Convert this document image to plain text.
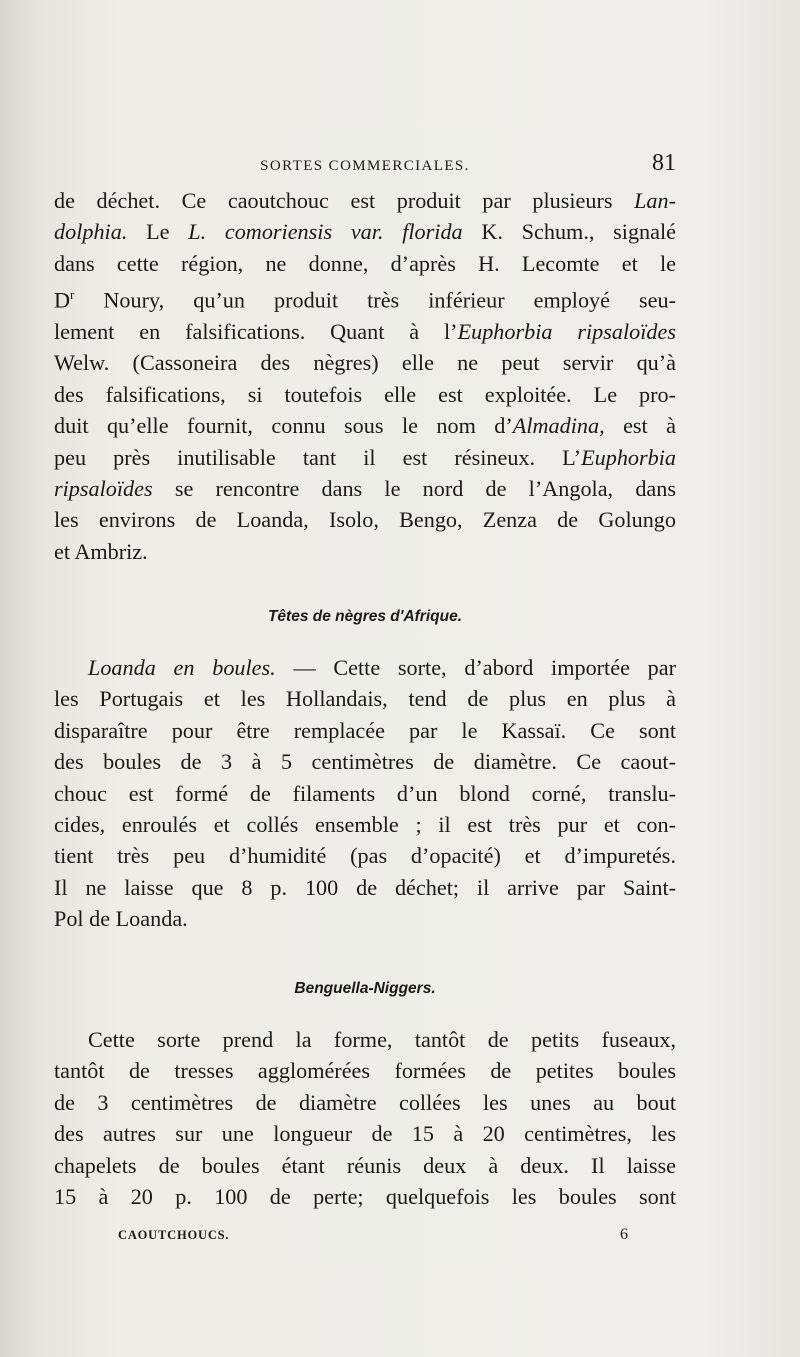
SORTES COMMERCIALES.	81

de déchet. Ce caoutchouc est produit par plusieurs Lan-
dolphia. Le L. comoriensis var. florida K. Schum., signalé
dans cette région, ne donne, d’après H. Lecomte et le
$D^r$ Noury, qu’un produit très inférieur employé seu-
lement en falsifications. Quant à l’Euphorbia ripsaloïdes
Welw. (Cassoneira des nègres) elle ne peut servir qu’à
des falsifications, si toutefois elle est exploitée. Le pro-
duit qu’elle fournit, connu sous le nom d’Almadina, est à
peu près inutilisable tant il est résineux. L’Euphorbia
ripsaloïdes se rencontre dans le nord de l’Angola, dans
les environs de Loanda, Isolo, Bengo, Zenza de Golungo
et Ambriz.

Têtes de nègres d'Afrique.

Loanda en boules. — Cette sorte, d’abord importée par
les Portugais et les Hollandais, tend de plus en plus à
disparaître pour être remplacée par le Kassaï. Ce sont
des boules de 3 à 5 centimètres de diamètre. Ce caout-
chouc est formé de filaments d’un blond corné, translu-
cides, enroulés et collés ensemble ; il est très pur et con-
tient très peu d’humidité (pas d’opacité) et d’impuretés.
Il ne laisse que 8 p. 100 de déchet; il arrive par Saint-
Pol de Loanda.

Benguella-Niggers.

Cette sorte prend la forme, tantôt de petits fuseaux,
tantôt de tresses agglomérées formées de petites boules
de 3 centimètres de diamètre collées les unes au bout
des autres sur une longueur de 15 à 20 centimètres, les
chapelets de boules étant réunis deux à deux. Il laisse
15 à 20 p. 100 de perte; quelquefois les boules sont

CAOUTCHOUCS.	6
